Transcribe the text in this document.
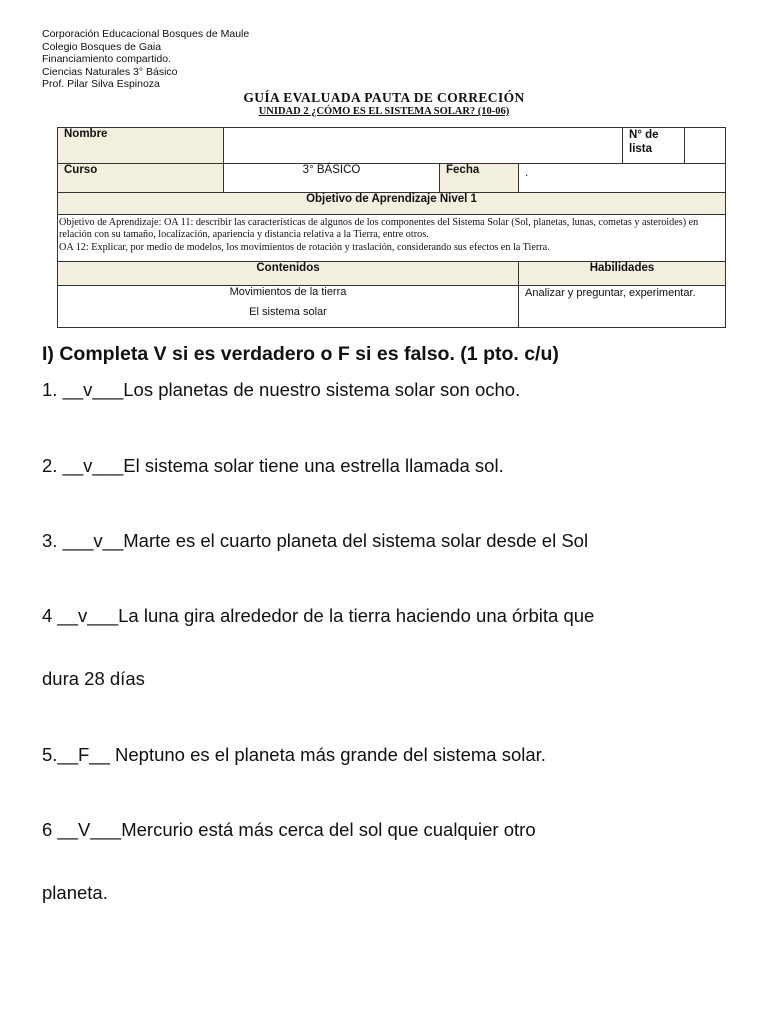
Corporación Educacional Bosques de Maule
Colegio Bosques de Gaia
Financiamiento compartido.
Ciencias Naturales 3° Básico
Prof. Pilar Silva Espinoza
GUÍA EVALUADA PAUTA DE CORRECIÓN
UNIDAD 2 ¿CÓMO ES EL SISTEMA SOLAR? (10-06)
Nombre				N° de lista	
Curso	3° BÁSICO	Fecha	.		
Objetivo de Aprendizaje Nivel 1					

Objetivo de Aprendizaje: OA 11: describir las características de algunos de los componentes del Sistema Solar (Sol, planetas, lunas, cometas y asteroides) en relación con su tamaño, localización, apariencia y distancia relativa a la Tierra, entre otros.
OA 12: Explicar, por medio de modelos, los movimientos de rotación y traslación, considerando sus efectos en la Tierra.					

Contenidos			Habilidades		

Movimientos de la tierra
El sistema solar			Analizar y preguntar, experimentar.		
I) Completa V si es verdadero o F si es falso. (1 pto. c/u)
1. __v___Los planetas de nuestro sistema solar son ocho.
2. __v___El sistema solar tiene una estrella llamada sol.
3. ___v__Marte es el cuarto planeta del sistema solar desde el Sol
4 __v___La luna gira alrededor de la tierra haciendo una órbita que
dura 28 días
5.__F__ Neptuno es el planeta más grande del sistema solar.
6 __V___Mercurio está más cerca del sol que cualquier otro
planeta.
